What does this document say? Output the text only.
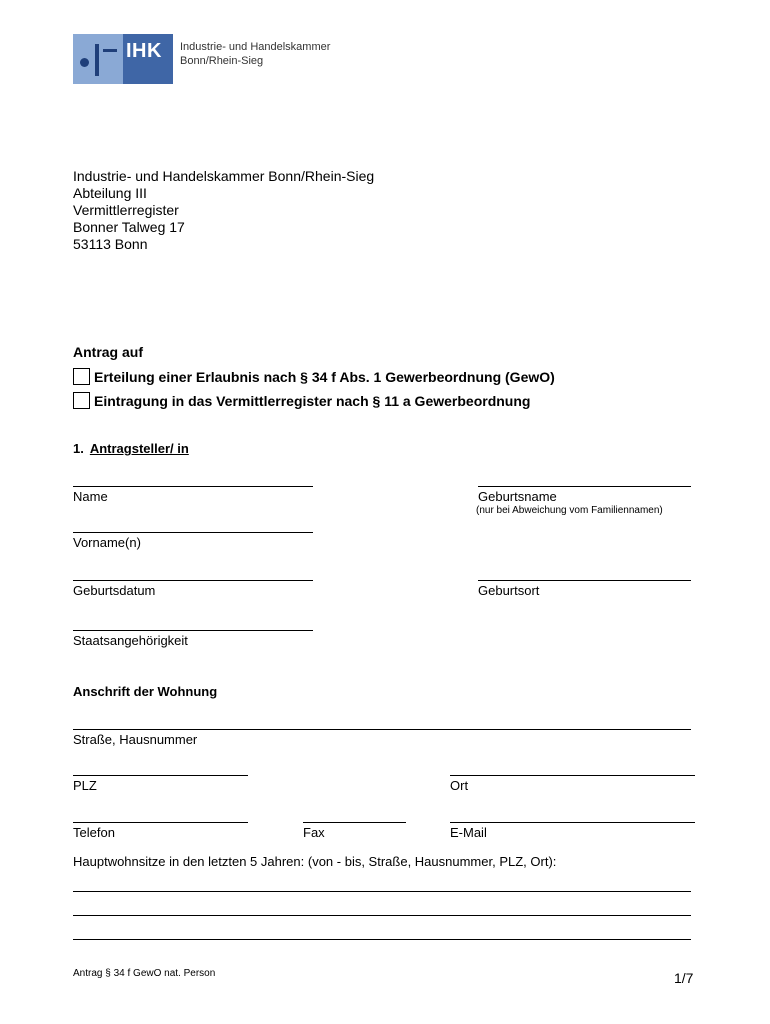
IHK Industrie- und Handelskammer
Bonn/Rhein-Sieg
Industrie- und Handelskammer Bonn/Rhein-Sieg
Abteilung III
Vermittlerregister
Bonner Talweg 17
53113 Bonn
Antrag auf
Erteilung einer Erlaubnis nach § 34 f Abs. 1 Gewerbeordnung (GewO)
Eintragung in das Vermittlerregister nach § 11 a Gewerbeordnung
1. Antragsteller/ in
Name	Geburtsname
(nur bei Abweichung vom Familiennamen)
Vorname(n)
Geburtsdatum	Geburtsort
Staatsangehörigkeit
Anschrift der Wohnung
Straße, Hausnummer
PLZ	Ort
Telefon	Fax	E-Mail
Hauptwohnsitze in den letzten 5 Jahren: (von - bis, Straße, Hausnummer, PLZ, Ort):
Antrag § 34 f GewO nat. Person	1/7
